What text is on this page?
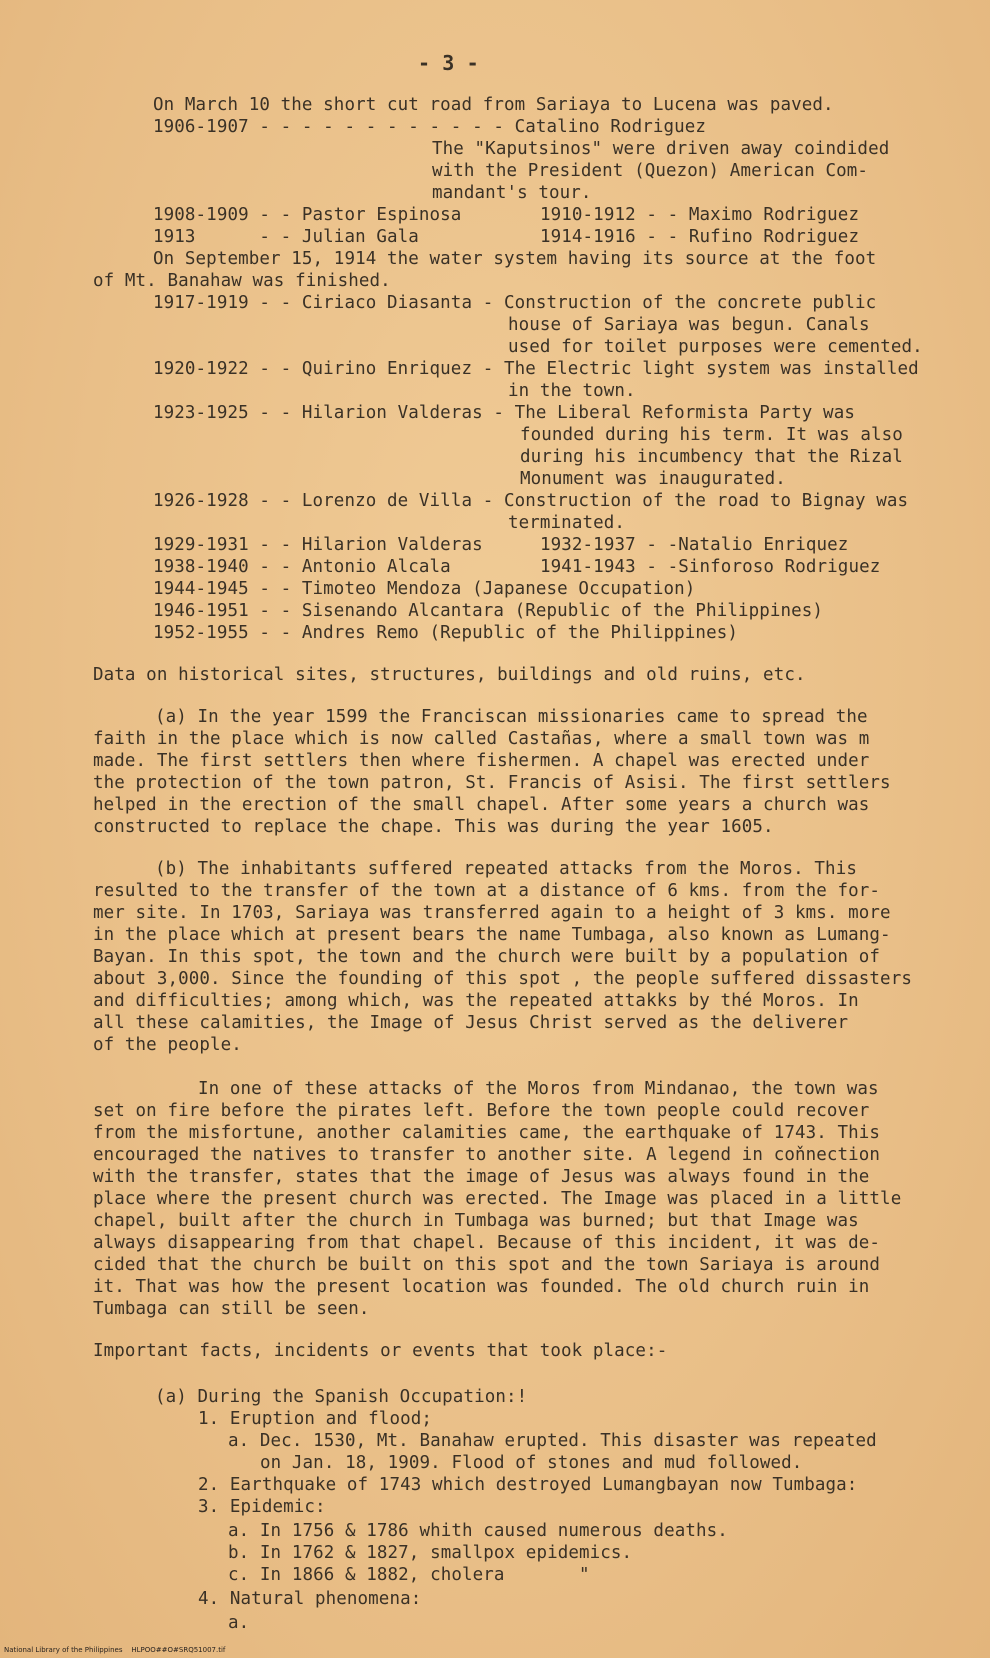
- 3 -
On March 10 the short cut road from Sariaya to Lucena was paved.
1906-1907 - - - - - - - - - - - - Catalino Rodriguez
The "Kaputsinos" were driven away coindided
with the President (Quezon) American Com-
mandant's tour.
1908-1909 - - Pastor Espinosa	1910-1912 - - Maximo Rodriguez
1913      - - Julian Gala	1914-1916 - - Rufino Rodriguez
On September 15, 1914 the water system having its source at the foot
of Mt. Banahaw was finished.
1917-1919 - - Ciriaco Diasanta - Construction of the concrete public
house of Sariaya was begun. Canals
used for toilet purposes were cemented.
1920-1922 - - Quirino Enriquez - The Electric light system was installed
in the town.
1923-1925 - - Hilarion Valderas - The Liberal Reformista Party was
founded during his term. It was also
during his incumbency that the Rizal
Monument was inaugurated.
1926-1928 - - Lorenzo de Villa - Construction of the road to Bignay was
terminated.
1929-1931 - - Hilarion Valderas	1932-1937 - -Natalio Enriquez
1938-1940 - - Antonio Alcala	1941-1943 - -Sinforoso Rodriguez
1944-1945 - - Timoteo Mendoza (Japanese Occupation)
1946-1951 - - Sisenando Alcantara (Republic of the Philippines)
1952-1955 - - Andres Remo (Republic of the Philippines)
Data on historical sites, structures, buildings and old ruins, etc.
(a) In the year 1599 the Franciscan missionaries came to spread the
faith in the place which is now called Castañas, where a small town was m
made. The first settlers then where fishermen. A chapel was erected under
the protection of the town patron, St. Francis of Asisi. The first settlers
helped in the erection of the small chapel. After some years a church was
constructed to replace the chape. This was during the year 1605.
(b) The inhabitants suffered repeated attacks from the Moros. This
resulted to the transfer of the town at a distance of 6 kms. from the for-
mer site. In 1703, Sariaya was transferred again to a height of 3 kms. more
in the place which at present bears the name Tumbaga, also known as Lumang-
Bayan. In this spot, the town and the church were built by a population of
about 3,000. Since the founding of this spot , the people suffered dissasters
and difficulties; among which, was the repeated attakks by thé Moros. In
all these calamities, the Image of Jesus Christ served as the deliverer
of the people.
In one of these attacks of the Moros from Mindanao, the town was
set on fire before the pirates left. Before the town people could recover
from the misfortune, another calamities came, the earthquake of 1743. This
encouraged the natives to transfer to another site. A legend in coňnection
with the transfer, states that the image of Jesus was always found in the
place where the present church was erected. The Image was placed in a little
chapel, built after the church in Tumbaga was burned; but that Image was
always disappearing from that chapel. Because of this incident, it was de-
cided that the church be built on this spot and the town Sariaya is around
it. That was how the present location was founded. The old church ruin in
Tumbaga can still be seen.
Important facts, incidents or events that took place:-
(a) During the Spanish Occupation:!
1. Eruption and flood;
a. Dec. 1530, Mt. Banahaw erupted. This disaster was repeated
on Jan. 18, 1909. Flood of stones and mud followed.
2. Earthquake of 1743 which destroyed Lumangbayan now Tumbaga:
3. Epidemic:
a. In 1756 & 1786 whith caused numerous deaths.
b. In 1762 & 1827, smallpox epidemics.
c. In 1866 & 1882, cholera       "
4. Natural phenomena:
a.
National Library of the Philippines    HLPOO##O#SRQ51007.tif
